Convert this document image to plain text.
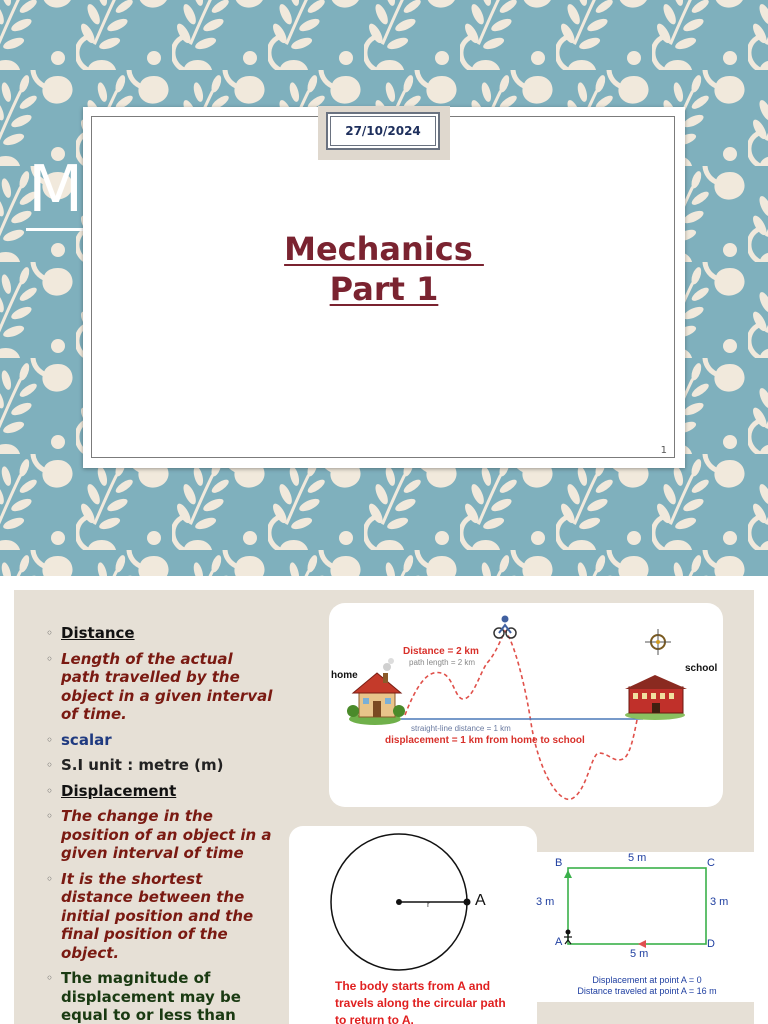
M
Mechanics
Part 1
1
27/10/2024
◦ Distance
◦ Length of the actual path travelled by the object in a given interval of time.
◦ scalar
◦ S.I unit : metre (m)
◦ Displacement
◦ The change in the position of an object in a given interval of time
◦ It is the shortest distance between the initial position and the final position of the object.
◦ The magnitude of displacement may be equal to or less than
home
school
Distance = 2 km
path length = 2 km
straight-line distance = 1 km
displacement = 1 km from home to school
A
r
The body starts from A and
travels along the circular path
to return to A.
B	C
A	D
5 m
5 m
3 m	3 m
Displacement at point A = 0
Distance traveled at point A = 16 m
